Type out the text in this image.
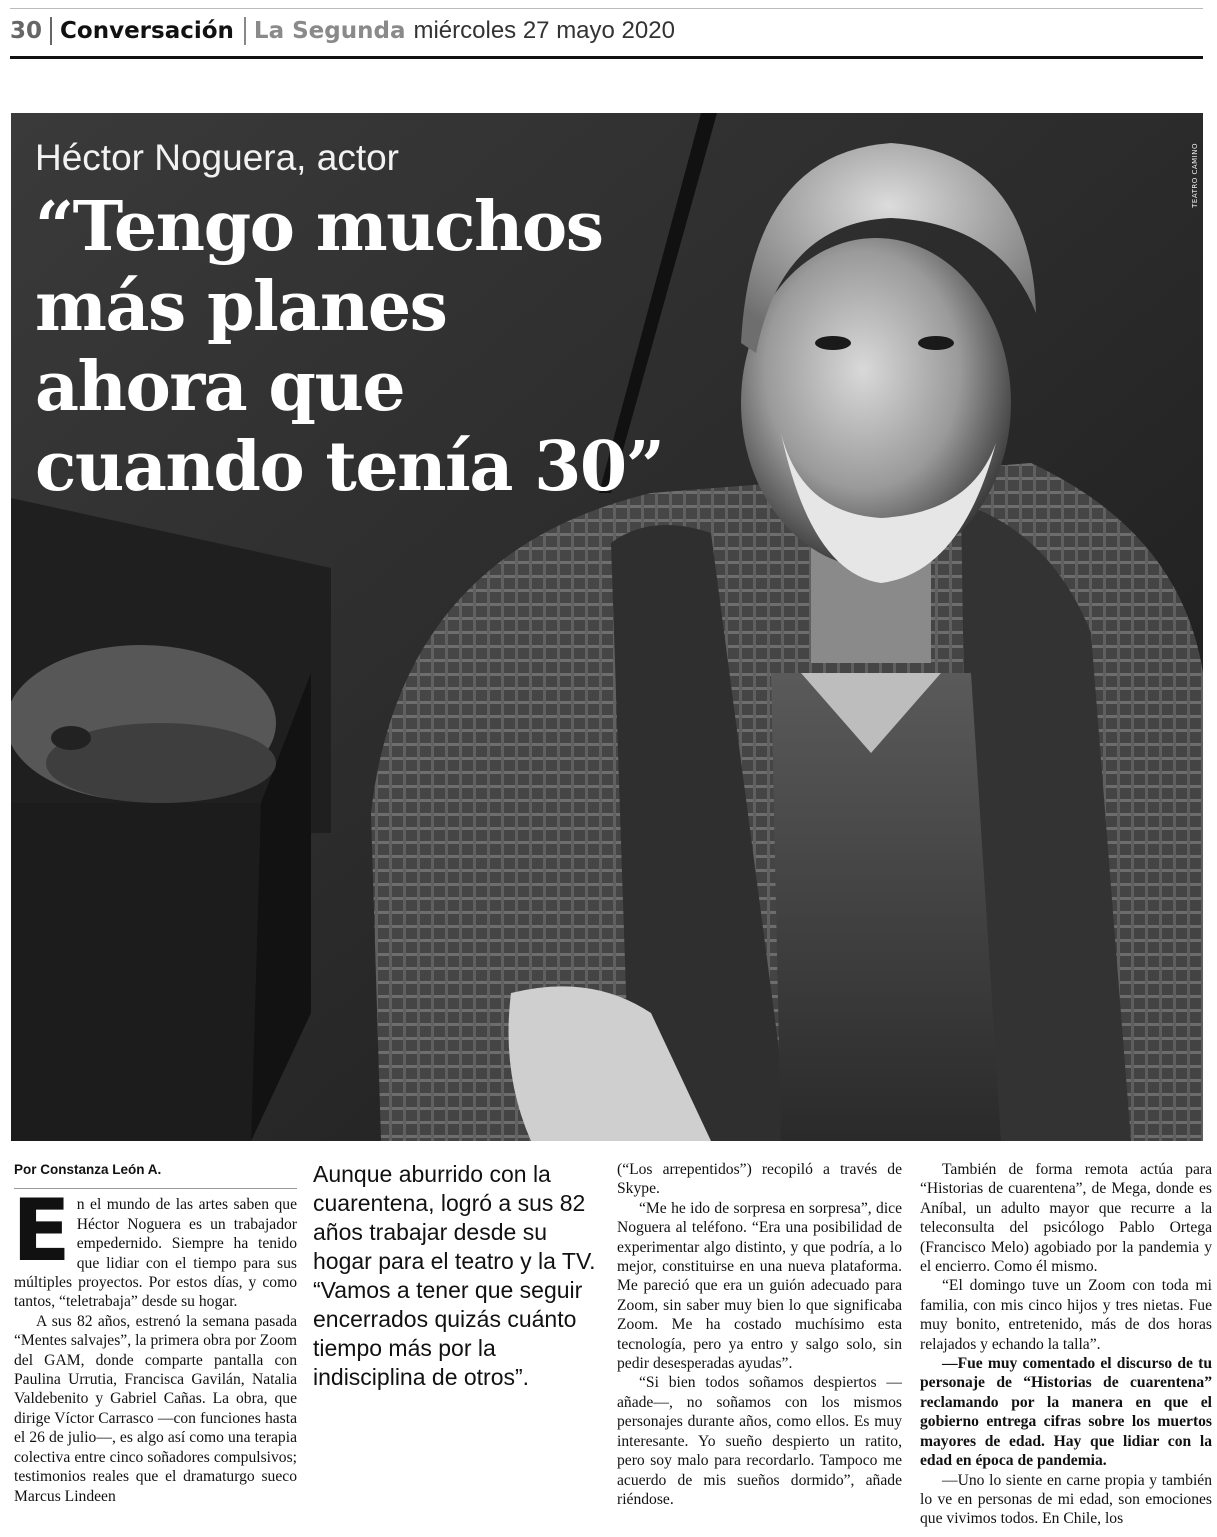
30 Conversación La Segunda miércoles 27 mayo 2020
TEATRO CAMINO
Héctor Noguera, actor
“Tengo muchos
más planes
ahora que
cuando tenía 30”
Por Constanza León A.

En el mundo de las artes saben que Héctor Noguera es un trabajador empedernido. Siempre ha tenido que lidiar con el tiempo para sus múltiples proyectos. Por estos días, y como tantos, “teletrabaja” desde su hogar.

A sus 82 años, estrenó la semana pasada “Mentes salvajes”, la primera obra por Zoom del GAM, donde comparte pantalla con Paulina Urrutia, Francisca Gavilán, Natalia Valdebenito y Gabriel Cañas. La obra, que dirige Víctor Carrasco —con funciones hasta el 26 de julio—, es algo así como una terapia colectiva entre cinco soñadores compulsivos; testimonios reales que el dramaturgo sueco Marcus Lindeen

Aunque aburrido con la cuarentena, logró a sus 82 años trabajar desde su hogar para el teatro y la TV. “Vamos a tener que seguir encerrados quizás cuánto tiempo más por la indisciplina de otros”.

(“Los arrepentidos”) recopiló a través de Skype.

“Me he ido de sorpresa en sorpresa”, dice Noguera al teléfono. “Era una posibilidad de experimentar algo distinto, y que podría, a lo mejor, constituirse en una nueva plataforma. Me pareció que era un guión adecuado para Zoom, sin saber muy bien lo que significaba Zoom. Me ha costado muchísimo esta tecnología, pero ya entro y salgo solo, sin pedir desesperadas ayudas”.

“Si bien todos soñamos despiertos —añade—, no soñamos con los mismos personajes durante años, como ellos. Es muy interesante. Yo sueño despierto un ratito, pero soy malo para recordarlo. Tampoco me acuerdo de mis sueños dormido”, añade riéndose.

También de forma remota actúa para “Historias de cuarentena”, de Mega, donde es Aníbal, un adulto mayor que recurre a la teleconsulta del psicólogo Pablo Ortega (Francisco Melo) agobiado por la pandemia y el encierro. Como él mismo.

“El domingo tuve un Zoom con toda mi familia, con mis cinco hijos y tres nietas. Fue muy bonito, entretenido, más de dos horas relajados y echando la talla”.

—Fue muy comentado el discurso de tu personaje de “Historias de cuarentena” reclamando por la manera en que el gobierno entrega cifras sobre los muertos mayores de edad. Hay que lidiar con la edad en época de pandemia.

—Uno lo siente en carne propia y también lo ve en personas de mi edad, son emociones que vivimos todos. En Chile, los
